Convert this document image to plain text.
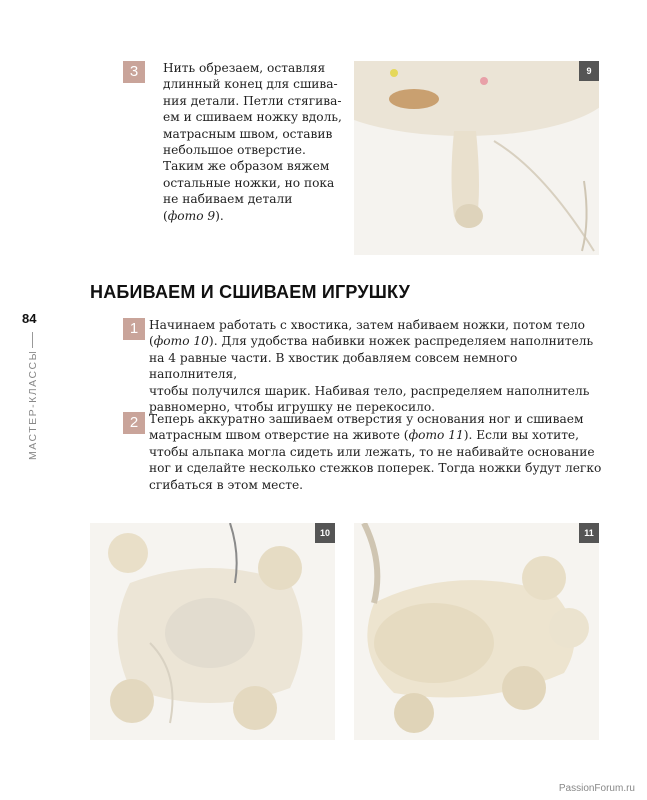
3	Нить обрезаем, оставляя
длинный конец для сшива-
ния детали. Петли стягива-
ем и сшиваем ножку вдоль,
матрасным швом, оставив
небольшое отверстие.
Таким же образом вяжем
остальные ножки, но пока
не набиваем детали
(фото 9).

9
НАБИВАЕМ И СШИВАЕМ ИГРУШКУ
84
МАСТЕР-КЛАССЫ
1 Начинаем работать с хвостика, затем набиваем ножки, потом тело
(фото 10). Для удобства набивки ножек распределяем наполнитель
на 4 равные части. В хвостик добавляем совсем немного наполнителя,
чтобы получился шарик. Набивая тело, распределяем наполнитель
равномерно, чтобы игрушку не перекосило.

2 Теперь аккуратно зашиваем отверстия у основания ног и сшиваем
матрасным швом отверстие на животе (фото 11). Если вы хотите,
чтобы альпака могла сидеть или лежать, то не набивайте основание
ног и сделайте несколько стежков поперек. Тогда ножки будут легко
сгибаться в этом месте.

10	11
PassionForum.ru
